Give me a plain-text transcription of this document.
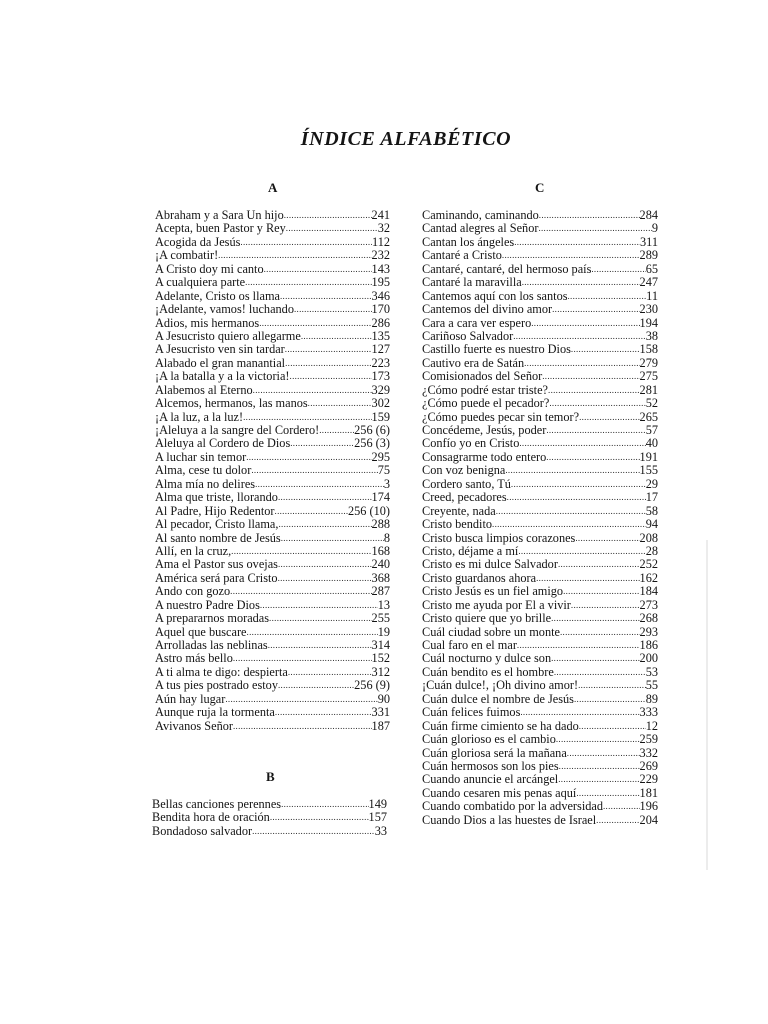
ÍNDICE ALFABÉTICO
A
Abraham y a Sara Un hijo .....	241
Acepta, buen Pastor y Rey .....	32
Acogida da Jesús .....	112
¡A combatir! .....	232
A Cristo doy mi canto .....	143
A cualquiera parte .....	195
Adelante, Cristo os llama .....	346
¡Adelante, vamos! luchando .....	170
Adios, mis hermanos .....	286
A Jesucristo quiero allegarme .....	135
A Jesucristo ven sin tardar .....	127
Alabado el gran manantial .....	223
¡A la batalla y a la victoria! .....	173
Alabemos al Eterno .....	329
Alcemos, hermanos, las manos .....	302
¡A la luz, a la luz! .....	159
¡Aleluya a la sangre del Cordero! .....	256 (6)
Aleluya al Cordero de Dios .....	256 (3)
A luchar sin temor .....	295
Alma, cese tu dolor .....	75
Alma mía no delires .....	3
Alma que triste, llorando .....	174
Al Padre, Hijo Redentor .....	256 (10)
Al pecador, Cristo llama, .....	288
Al santo nombre de Jesús .....	8
Allí, en la cruz, .....	168
Ama el Pastor sus ovejas .....	240
América será para Cristo .....	368
Ando con gozo .....	287
A nuestro Padre Dios .....	13
A prepararnos moradas .....	255
Aquel que buscare .....	19
Arrolladas las neblinas .....	314
Astro más bello .....	152
A ti alma te digo: despierta .....	312
A tus pies postrado estoy .....	256 (9)
Aún hay lugar .....	90
Aunque ruja la tormenta .....	331
Avivanos Señor .....	187
B
Bellas canciones perennes .....	149
Bendita hora de oración .....	157
Bondadoso salvador .....	33
C
Caminando, caminando .....	284
Cantad alegres al Señor .....	9
Cantan los ángeles .....	311
Cantaré a Cristo .....	289
Cantaré, cantaré, del hermoso país .....	65
Cantaré la maravilla .....	247
Cantemos aquí con los santos .....	11
Cantemos del divino amor .....	230
Cara a cara ver espero .....	194
Cariñoso Salvador .....	38
Castillo fuerte es nuestro Dios .....	158
Cautivo era de Satán .....	279
Comisionados del Señor .....	275
¿Cómo podré estar triste? .....	281
¿Cómo puede el pecador? .....	52
¿Cómo puedes pecar sin temor? .....	265
Concédeme, Jesús, poder .....	57
Confío yo en Cristo .....	40
Consagrarme todo entero .....	191
Con voz benigna .....	155
Cordero santo, Tú .....	29
Creed, pecadores .....	17
Creyente, nada .....	58
Cristo bendito .....	94
Cristo busca limpios corazones .....	208
Cristo, déjame a mí .....	28
Cristo es mi dulce Salvador .....	252
Cristo guardanos ahora .....	162
Cristo Jesús es un fiel amigo .....	184
Cristo me ayuda por El a vivir .....	273
Cristo quiere que yo brille .....	268
Cuál ciudad sobre un monte .....	293
Cual faro en el mar .....	186
Cuál nocturno y dulce son .....	200
Cuán bendito es el hombre .....	53
¡Cuán dulce!, ¡Oh divino amor! .....	55
Cuán dulce el nombre de Jesús .....	89
Cuán felices fuimos .....	333
Cuán firme cimiento se ha dado .....	12
Cuán glorioso es el cambio .....	259
Cuán gloriosa será la mañana .....	332
Cuán hermosos son los pies .....	269
Cuando anuncie el arcángel .....	229
Cuando cesaren mis penas aquí .....	181
Cuando combatido por la adversidad .....	196
Cuando Dios a las huestes de Israel .....	204
